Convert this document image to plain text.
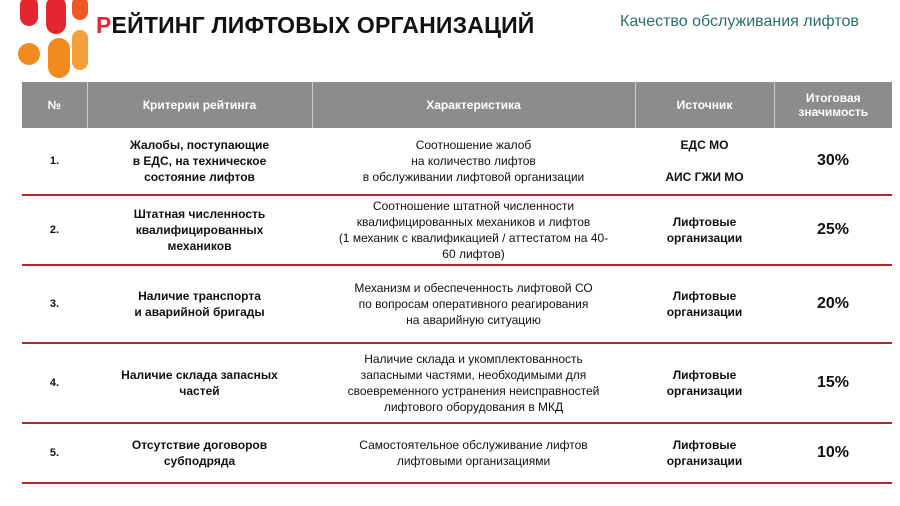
РЕЙТИНГ ЛИФТОВЫХ ОРГАНИЗАЦИЙ	Качество обслуживания лифтов
№	Критерии рейтинга	Характеристика	Источник	Итоговая
значимость
1.	Жалобы, поступающие
в ЕДС, на техническое
состояние лифтов	Соотношение жалоб
на количество лифтов
в обслуживании лифтовой организации	ЕДС МО
АИС ГЖИ МО	30%
2.	Штатная численность
квалифицированных
механиков	Соотношение штатной численности
квалифицированных механиков и лифтов
(1 механик с квалификацией / аттестатом на 40-
60 лифтов)	Лифтовые
организации	25%
3.	Наличие транспорта
и аварийной бригады	Механизм и обеспеченность лифтовой СО
по вопросам оперативного реагирования
на аварийную ситуацию	Лифтовые
организации	20%
4.	Наличие склада запасных
частей	Наличие склада и укомплектованность
запасными частями, необходимыми для
своевременного устранения неисправностей
лифтового оборудования в МКД	Лифтовые
организации	15%
5.	Отсутствие договоров
субподряда	Самостоятельное обслуживание лифтов
лифтовыми организациями	Лифтовые
организации	10%
